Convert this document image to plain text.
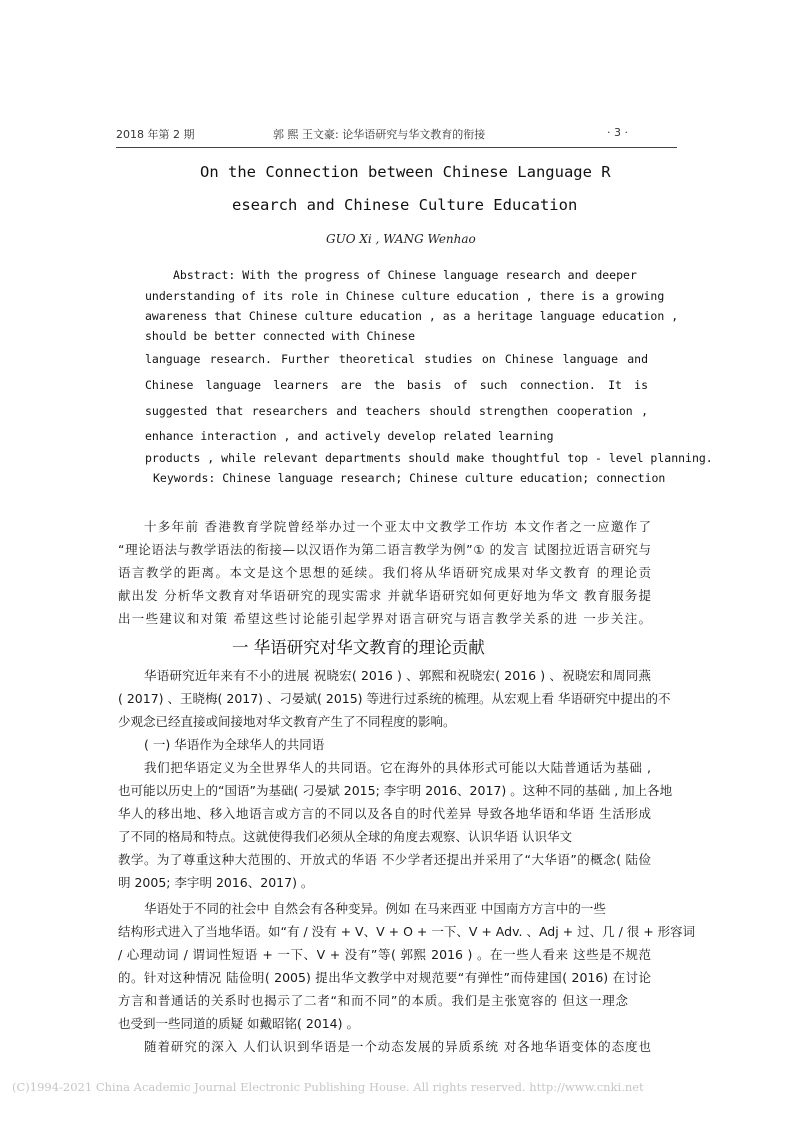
2018 年第 2 期	郭 熙 王文豪: 论华语研究与华文教育的衔接	· 3 ·
On the Connection between Chinese Language R
esearch and Chinese Culture Education
GUO Xi , WANG Wenhao
Abstract: With the progress of Chinese language research and deeper
understanding of its role in Chinese culture education , there is a growing
awareness that Chinese culture education , as a heritage language education ,
should be better connected with Chinese
language research. Further theoretical studies on Chinese language and
Chinese language learners are the basis of such connection. It is
suggested that researchers and teachers should strengthen cooperation ,
enhance interaction , and actively develop related learning
products , while relevant departments should make thoughtful top - level planning.
Keywords: Chinese language research; Chinese culture education; connection
十多年前 香港教育学院曾经举办过一个亚太中文教学工作坊 本文作者之一应邀作了
“理论语法与教学语法的衔接—以汉语作为第二语言教学为例”① 的发言 试图拉近语言研究与
语言教学的距离。本文是这个思想的延续。我们将从华语研究成果对华文教育 的理论贡
献出发 分析华文教育对华语研究的现实需求 并就华语研究如何更好地为华文 教育服务提
出一些建议和对策 希望这些讨论能引起学界对语言研究与语言教学关系的进 一步关注。
一 华语研究对华文教育的理论贡献
华语研究近年来有不小的进展 祝晓宏( 2016 ) 、郭熙和祝晓宏( 2016 ) 、祝晓宏和周同燕
( 2017) 、王晓梅( 2017) 、刁晏斌( 2015) 等进行过系统的梳理。从宏观上看 华语研究中提出的不
少观念已经直接或间接地对华文教育产生了不同程度的影响。
( 一) 华语作为全球华人的共同语
我们把华语定义为全世界华人的共同语。它在海外的具体形式可能以大陆普通话为基础 ,
也可能以历史上的“国语”为基础( 刁晏斌 2015; 李宇明 2016、2017) 。这种不同的基础 , 加上各地
华人的移出地、移入地语言或方言的不同以及各自的时代差异 导致各地华语和华语 生活形成
了不同的格局和特点。这就使得我们必须从全球的角度去观察、认识华语 认识华文
教学。为了尊重这种大范围的、开放式的华语 不少学者还提出并采用了“大华语”的概念( 陆俭
明 2005; 李宇明 2016、2017) 。
华语处于不同的社会中 自然会有各种变异。例如 在马来西亚 中国南方方言中的一些
结构形式进入了当地华语。如“有 / 没有 + V、V + O + 一下、V + Adv. 、Adj + 过、几 / 很 + 形容词
/ 心理动词 / 谓词性短语 + 一下、V + 没有”等( 郭熙 2016 ) 。在一些人看来 这些是不规范
的。针对这种情况 陆俭明( 2005) 提出华文教学中对规范要“有弹性”而侍建国( 2016) 在讨论
方言和普通话的关系时也揭示了二者“和而不同”的本质。我们是主张宽容的 但这一理念
也受到一些同道的质疑 如戴昭铭( 2014) 。
随着研究的深入 人们认识到华语是一个动态发展的异质系统 对各地华语变体的态度也
(C)1994-2021 China Academic Journal Electronic Publishing House. All rights reserved. http://www.cnki.net
